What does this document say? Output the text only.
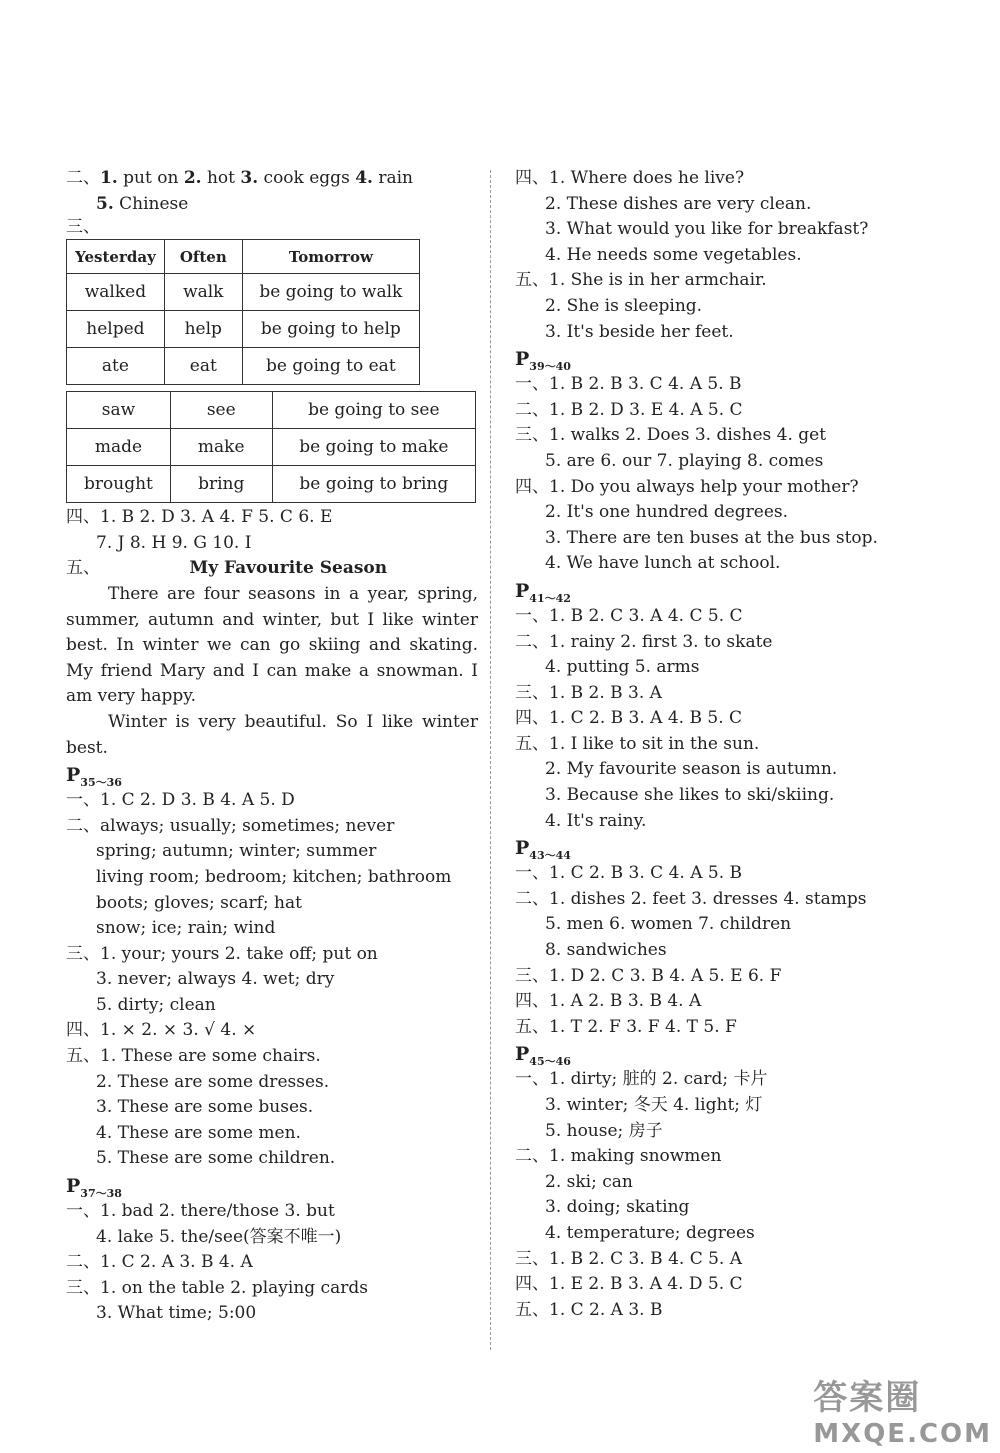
二、1. put on 2. hot 3. cook eggs 4. rain
5. Chinese
三、
Yesterday	Often	Tomorrow
walked	walk	be going to walk
helped	help	be going to help
ate	eat	be going to eat
saw	see	be going to see
made	make	be going to make
brought	bring	be going to bring
四、1. B 2. D 3. A 4. F 5. C 6. E
7. J 8. H 9. G 10. I
五、	My Favourite Season
There are four seasons in a year, spring, summer, autumn and winter, but I like winter best. In winter we can go skiing and skating. My friend Mary and I can make a snowman. I am very happy.
Winter is very beautiful. So I like winter best.
$P_{35\sim 36}$
一、1. C 2. D 3. B 4. A 5. D
二、always; usually; sometimes; never
spring; autumn; winter; summer
living room; bedroom; kitchen; bathroom
boots; gloves; scarf; hat
snow; ice; rain; wind
三、1. your; yours 2. take off; put on
3. never; always 4. wet; dry
5. dirty; clean
四、1. × 2. × 3. √ 4. ×
五、1. These are some chairs.
2. These are some dresses.
3. These are some buses.
4. These are some men.
5. These are some children.
$P_{37\sim 38}$
一、1. bad 2. there/those 3. but
4. lake 5. the/see(答案不唯一)
二、1. C 2. A 3. B 4. A
三、1. on the table 2. playing cards
3. What time; 5:00
四、1. Where does he live?
2. These dishes are very clean.
3. What would you like for breakfast?
4. He needs some vegetables.
五、1. She is in her armchair.
2. She is sleeping.
3. It's beside her feet.
$P_{39\sim 40}$
一、1. B 2. B 3. C 4. A 5. B
二、1. B 2. D 3. E 4. A 5. C
三、1. walks 2. Does 3. dishes 4. get
5. are 6. our 7. playing 8. comes
四、1. Do you always help your mother?
2. It's one hundred degrees.
3. There are ten buses at the bus stop.
4. We have lunch at school.
$P_{41\sim 42}$
一、1. B 2. C 3. A 4. C 5. C
二、1. rainy 2. first 3. to skate
4. putting 5. arms
三、1. B 2. B 3. A
四、1. C 2. B 3. A 4. B 5. C
五、1. I like to sit in the sun.
2. My favourite season is autumn.
3. Because she likes to ski/skiing.
4. It's rainy.
$P_{43\sim 44}$
一、1. C 2. B 3. C 4. A 5. B
二、1. dishes 2. feet 3. dresses 4. stamps
5. men 6. women 7. children
8. sandwiches
三、1. D 2. C 3. B 4. A 5. E 6. F
四、1. A 2. B 3. B 4. A
五、1. T 2. F 3. F 4. T 5. F
$P_{45\sim 46}$
一、1. dirty; 脏的 2. card; 卡片
3. winter; 冬天 4. light; 灯
5. house; 房子
二、1. making snowmen
2. ski; can
3. doing; skating
4. temperature; degrees
三、1. B 2. C 3. B 4. C 5. A
四、1. E 2. B 3. A 4. D 5. C
五、1. C 2. A 3. B
答案圈
MXQE.COM
